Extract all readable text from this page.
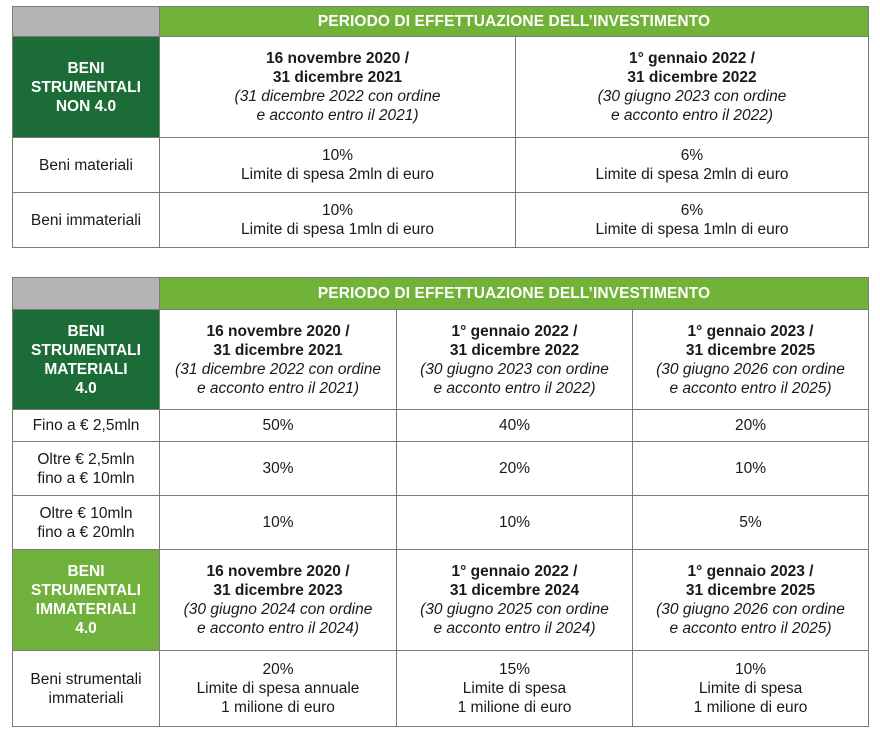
	PERIODO DI EFFETTUAZIONE DELL’INVESTIMENTO	

BENI
STRUMENTALI
NON 4.0	16 novembre 2020 /
31 dicembre 2021
(31 dicembre 2022 con ordine
e acconto entro il 2021)	1° gennaio 2022 /
31 dicembre 2022
(30 giugno 2023 con ordine
e acconto entro il 2022)

Beni materiali	10%
Limite di spesa 2mln di euro	6%
Limite di spesa 2mln di euro

Beni immateriali	10%
Limite di spesa 1mln di euro	6%
Limite di spesa 1mln di euro
	PERIODO DI EFFETTUAZIONE DELL’INVESTIMENTO		

BENI
STRUMENTALI
MATERIALI
4.0	16 novembre 2020 /
31 dicembre 2021
(31 dicembre 2022 con ordine
e acconto entro il 2021)	1° gennaio 2022 /
31 dicembre 2022
(30 giugno 2023 con ordine
e acconto entro il 2022)	1° gennaio 2023 /
31 dicembre 2025
(30 giugno 2026 con ordine
e acconto entro il 2025)

Fino a € 2,5mln	50%	40%	20%

Oltre € 2,5mln
fino a € 10mln	30%	20%	10%

Oltre € 10mln
fino a € 20mln	10%	10%	5%

BENI
STRUMENTALI
IMMATERIALI
4.0	16 novembre 2020 /
31 dicembre 2023
(30 giugno 2024 con ordine
e acconto entro il 2024)	1° gennaio 2022 /
31 dicembre 2024
(30 giugno 2025 con ordine
e acconto entro il 2024)	1° gennaio 2023 /
31 dicembre 2025
(30 giugno 2026 con ordine
e acconto entro il 2025)

Beni strumentali
immateriali	20%
Limite di spesa annuale
1 milione di euro	15%
Limite di spesa
1 milione di euro	10%
Limite di spesa
1 milione di euro
